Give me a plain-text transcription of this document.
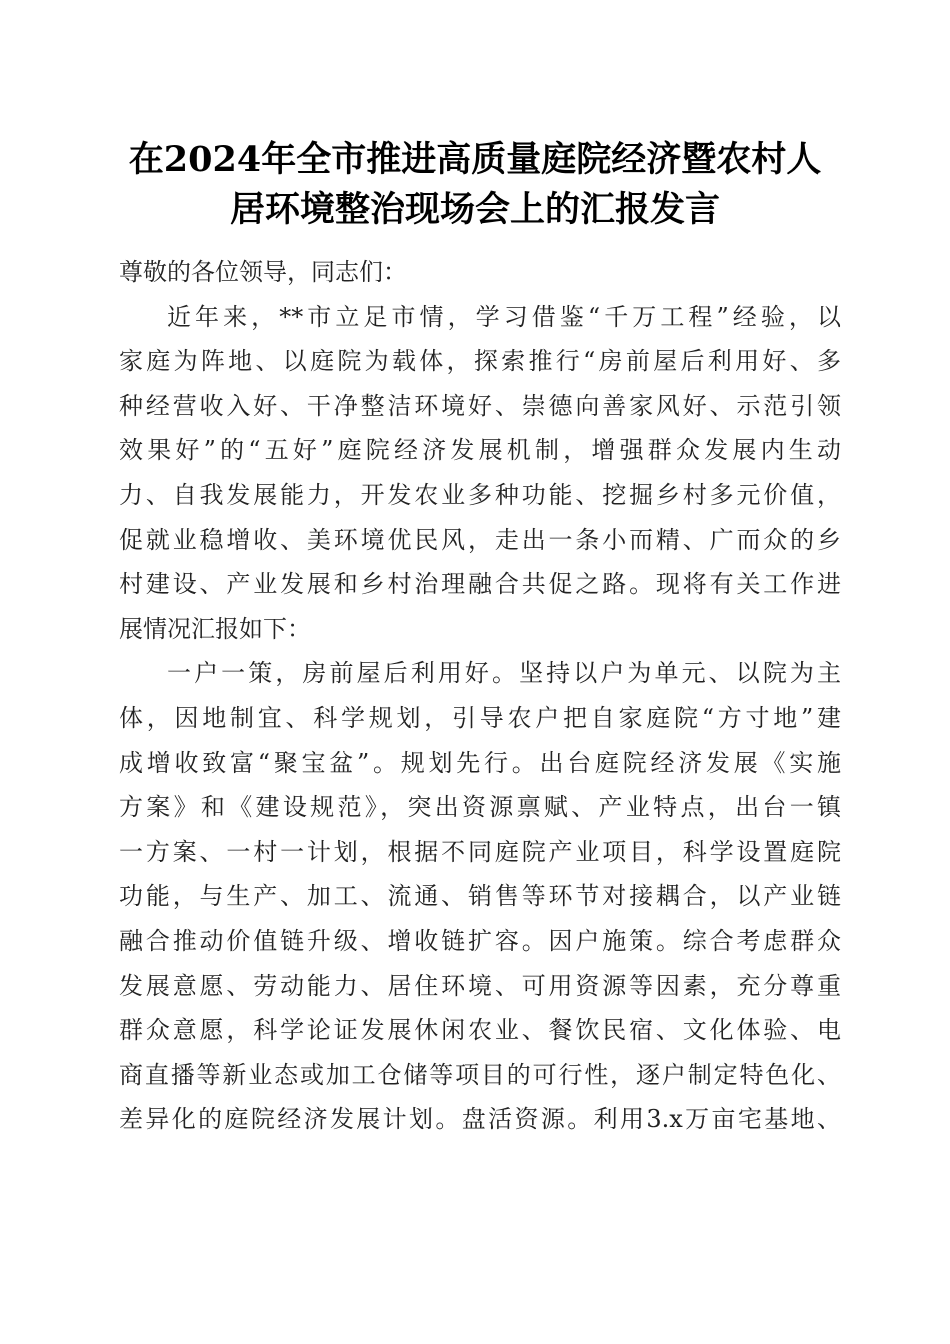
在2024年全市推进高质量庭院经济暨农村人
居环境整治现场会上的汇报发言

尊敬的各位领导，同志们：

近年来，**市立足市情，学习借鉴“千万工程”经验，以
家庭为阵地、以庭院为载体，探索推行“房前屋后利用好、多
种经营收入好、干净整洁环境好、崇德向善家风好、示范引领
效果好”的“五好”庭院经济发展机制，增强群众发展内生动
力、自我发展能力，开发农业多种功能、挖掘乡村多元价值，
促就业稳增收、美环境优民风，走出一条小而精、广而众的乡
村建设、产业发展和乡村治理融合共促之路。现将有关工作进
展情况汇报如下：

一户一策，房前屋后利用好。坚持以户为单元、以院为主
体，因地制宜、科学规划，引导农户把自家庭院“方寸地”建
成增收致富“聚宝盆”。规划先行。出台庭院经济发展《实施
方案》和《建设规范》，突出资源禀赋、产业特点，出台一镇
一方案、一村一计划，根据不同庭院产业项目，科学设置庭院
功能，与生产、加工、流通、销售等环节对接耦合，以产业链
融合推动价值链升级、增收链扩容。因户施策。综合考虑群众
发展意愿、劳动能力、居住环境、可用资源等因素，充分尊重
群众意愿，科学论证发展休闲农业、餐饮民宿、文化体验、电
商直播等新业态或加工仓储等项目的可行性，逐户制定特色化、
差异化的庭院经济发展计划。盘活资源。利用3.x万亩宅基地、
